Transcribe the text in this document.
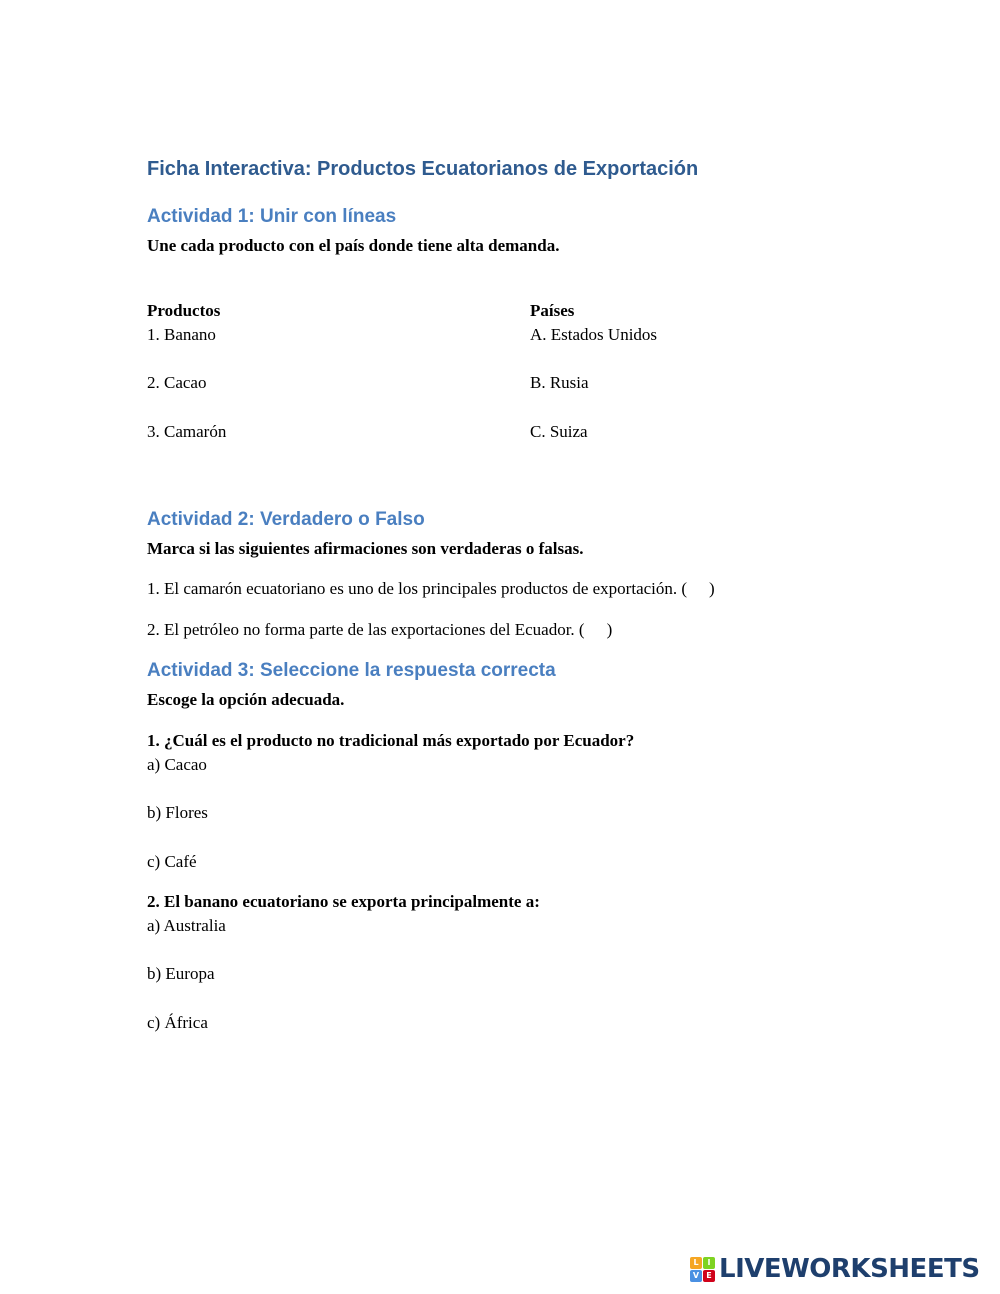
Ficha Interactiva: Productos Ecuatorianos de Exportación
Actividad 1: Unir con líneas
Une cada producto con el país donde tiene alta demanda.
Productos	Países
1. Banano
2. Cacao
3. Camarón
A. Estados Unidos
B. Rusia
C. Suiza
Actividad 2: Verdadero o Falso
Marca si las siguientes afirmaciones son verdaderas o falsas.
1. El camarón ecuatoriano es uno de los principales productos de exportación. ( )
2. El petróleo no forma parte de las exportaciones del Ecuador. ( )
Actividad 3: Seleccione la respuesta correcta
Escoge la opción adecuada.
1. ¿Cuál es el producto no tradicional más exportado por Ecuador?
a) Cacao
b) Flores
c) Café
2. El banano ecuatoriano se exporta principalmente a:
a) Australia
b) Europa
c) África
L	I
V E LIVEWORKSHEETS
